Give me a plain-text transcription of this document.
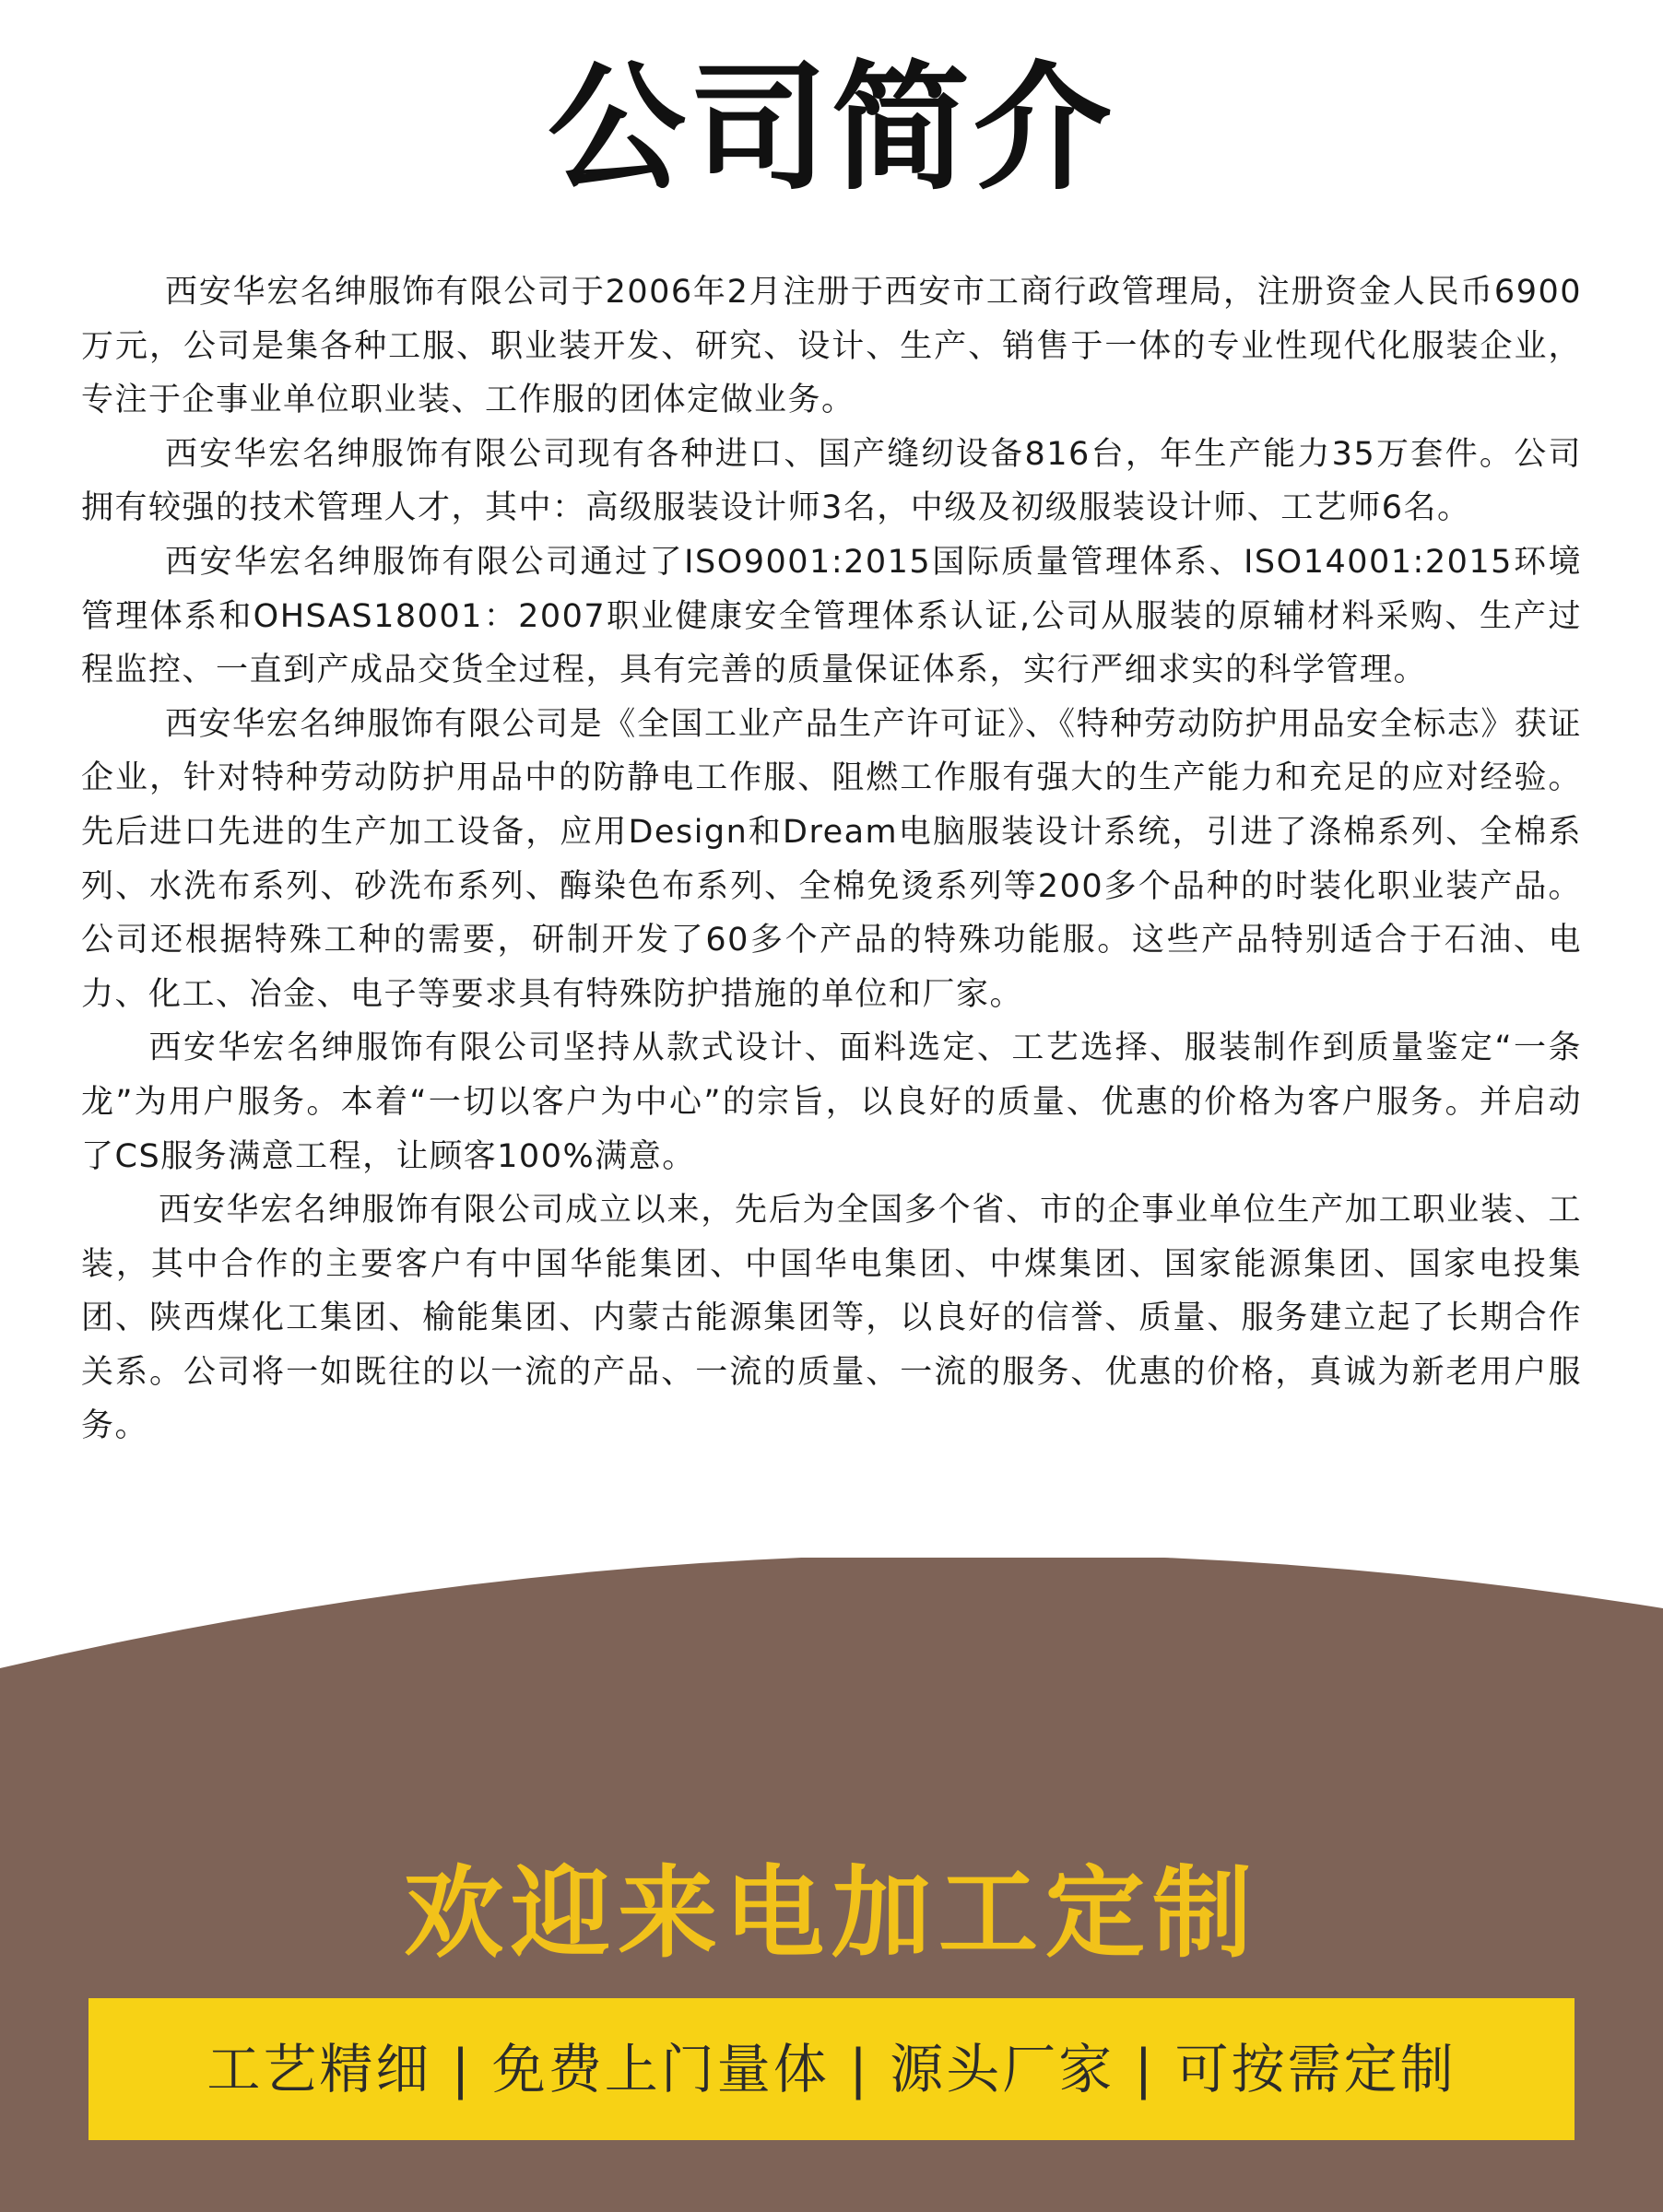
公司简介

西安华宏名绅服饰有限公司于2006年2月注册于西安市工商行政管理局，注册资金人民币6900万元，公司是集各种工服、职业装开发、研究、设计、生产、销售于一体的专业性现代化服装企业，专注于企事业单位职业装、工作服的团体定做业务。

西安华宏名绅服饰有限公司现有各种进口、国产缝纫设备816台，年生产能力35万套件。公司拥有较强的技术管理人才，其中：高级服装设计师3名，中级及初级服装设计师、工艺师6名。

西安华宏名绅服饰有限公司通过了ISO9001:2015国际质量管理体系、ISO14001:2015环境管理体系和OHSAS18001：2007职业健康安全管理体系认证,公司从服装的原辅材料采购、生产过程监控、一直到产成品交货全过程，具有完善的质量保证体系，实行严细求实的科学管理。

西安华宏名绅服饰有限公司是《全国工业产品生产许可证》、《特种劳动防护用品安全标志》获证企业，针对特种劳动防护用品中的防静电工作服、阻燃工作服有强大的生产能力和充足的应对经验。先后进口先进的生产加工设备，应用Design和Dream电脑服装设计系统，引进了涤棉系列、全棉系列、水洗布系列、砂洗布系列、酶染色布系列、全棉免烫系列等200多个品种的时装化职业装产品。公司还根据特殊工种的需要，研制开发了60多个产品的特殊功能服。这些产品特别适合于石油、电力、化工、冶金、电子等要求具有特殊防护措施的单位和厂家。

西安华宏名绅服饰有限公司坚持从款式设计、面料选定、工艺选择、服装制作到质量鉴定“一条龙”为用户服务。本着“一切以客户为中心”的宗旨，以良好的质量、优惠的价格为客户服务。并启动了CS服务满意工程，让顾客100%满意。

西安华宏名绅服饰有限公司成立以来，先后为全国多个省、市的企事业单位生产加工职业装、工装，其中合作的主要客户有中国华能集团、中国华电集团、中煤集团、国家能源集团、国家电投集团、陕西煤化工集团、榆能集团、内蒙古能源集团等，以良好的信誉、质量、服务建立起了长期合作关系。公司将一如既往的以一流的产品、一流的质量、一流的服务、优惠的价格，真诚为新老用户服务。

欢迎来电加工定制
工艺精细 | 免费上门量体 | 源头厂家 | 可按需定制
